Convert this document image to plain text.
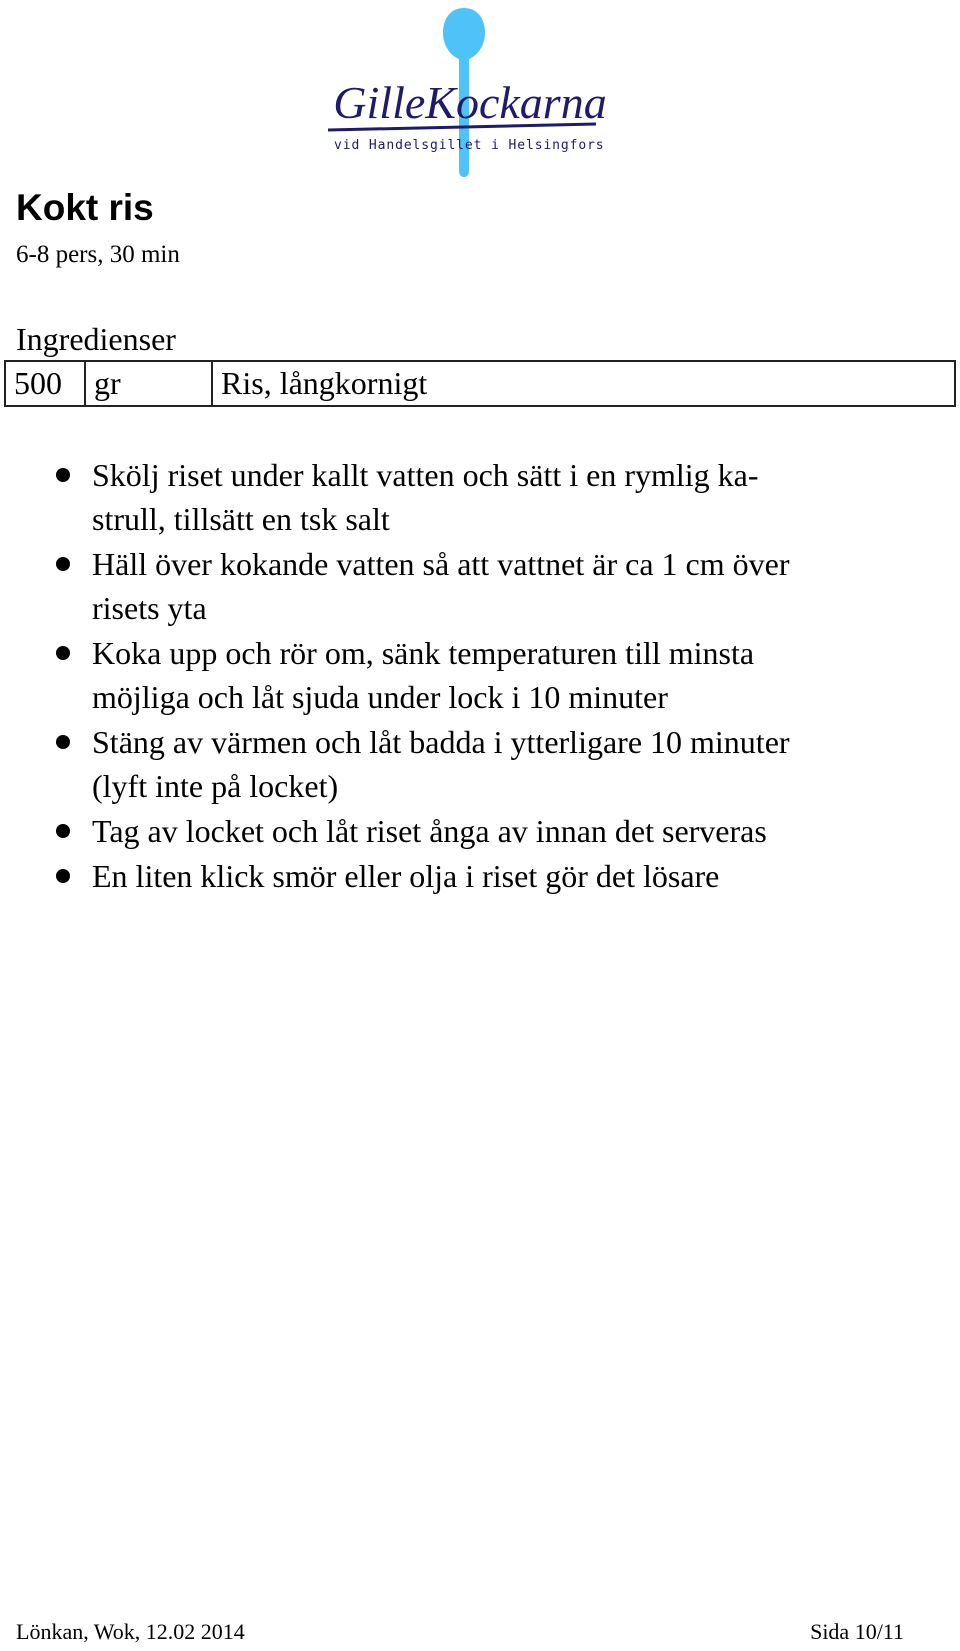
GilleKockarna
vid Handelsgillet i Helsingfors
Kokt ris
6-8 pers, 30 min
Ingredienser
500	gr	Ris, långkornigt
Skölj riset under kallt vatten och sätt i en rymlig ka-
strull, tillsätt en tsk salt
Häll över kokande vatten så att vattnet är ca 1 cm över
risets yta
Koka upp och rör om, sänk temperaturen till minsta
möjliga och låt sjuda under lock i 10 minuter
Stäng av värmen och låt badda i ytterligare 10 minuter
(lyft inte på locket)
Tag av locket och låt riset ånga av innan det serveras
En liten klick smör eller olja i riset gör det lösare
Lönkan, Wok, 12.02 2014	Sida 10/11
